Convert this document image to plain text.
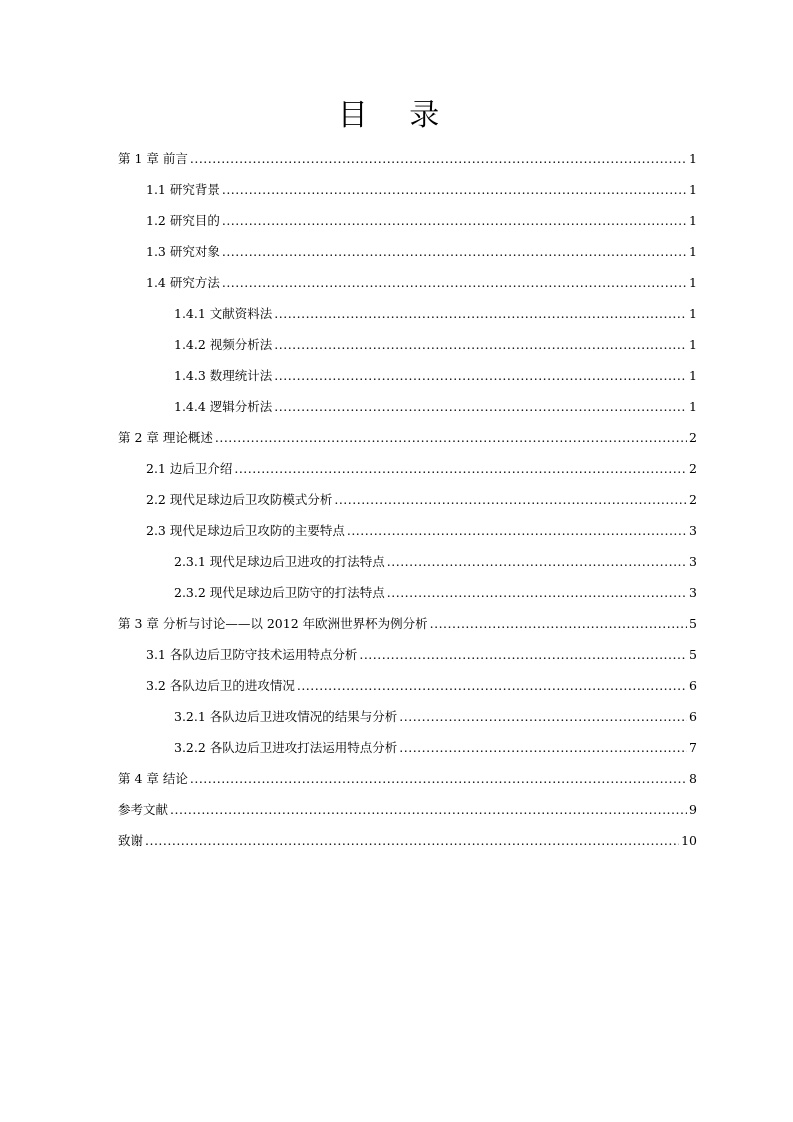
目 录
第 1 章 前言 .....	1
1.1 研究背景 .....	1
1.2 研究目的 .....	1
1.3 研究对象 .....	1
1.4 研究方法 .....	1
1.4.1 文献资料法 .....	1
1.4.2 视频分析法 .....	1
1.4.3 数理统计法 .....	1
1.4.4 逻辑分析法 .....	1
第 2 章 理论概述 .....	2
2.1 边后卫介绍 .....	2
2.2 现代足球边后卫攻防模式分析 .....	2
2.3 现代足球边后卫攻防的主要特点 .....	3
2.3.1 现代足球边后卫进攻的打法特点 .....	3
2.3.2 现代足球边后卫防守的打法特点 .....	3
第 3 章 分析与讨论——以 2012 年欧洲世界杯为例分析 .....	5
3.1 各队边后卫防守技术运用特点分析 .....	5
3.2 各队边后卫的进攻情况 .....	6
3.2.1 各队边后卫进攻情况的结果与分析 .....	6
3.2.2 各队边后卫进攻打法运用特点分析 .....	7
第 4 章 结论 .....	8
参考文献 .....	9
致谢 .....	10
